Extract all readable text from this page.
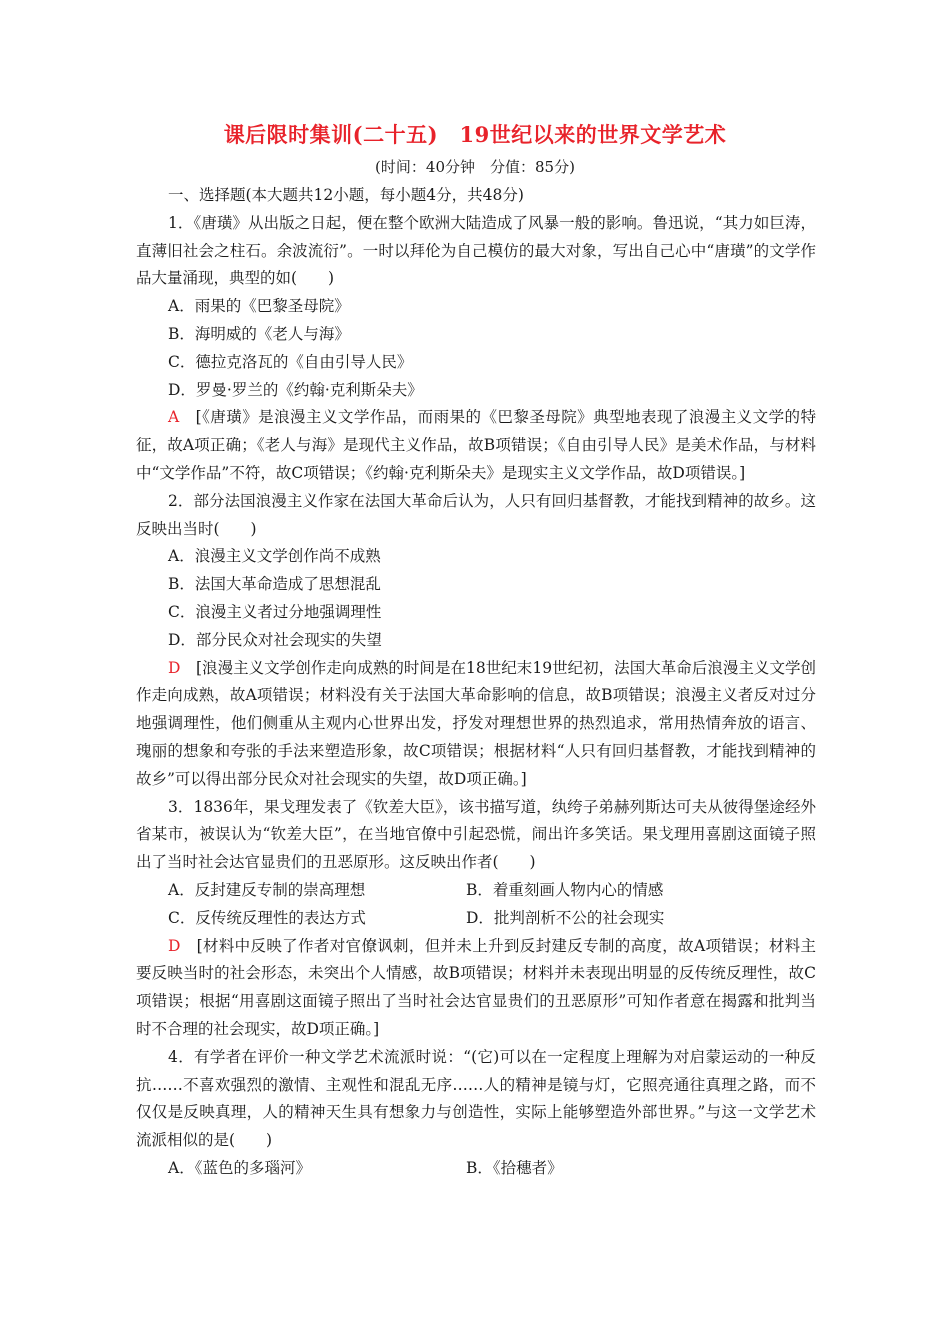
课后限时集训(二十五)　19世纪以来的世界文学艺术
(时间：40分钟　分值：85分)

一、选择题(本大题共12小题，每小题4分，共48分)

1．《唐璜》从出版之日起，便在整个欧洲大陆造成了风暴一般的影响。鲁迅说，“其力如巨涛，直薄旧社会之柱石。余波流衍”。一时以拜伦为自己模仿的最大对象，写出自己心中“唐璜”的文学作品大量涌现，典型的如(　　)

A．雨果的《巴黎圣母院》

B．海明威的《老人与海》

C．德拉克洛瓦的《自由引导人民》

D．罗曼·罗兰的《约翰·克利斯朵夫》

A　[《唐璜》是浪漫主义文学作品，而雨果的《巴黎圣母院》典型地表现了浪漫主义文学的特征，故A项正确；《老人与海》是现代主义作品，故B项错误；《自由引导人民》是美术作品，与材料中“文学作品”不符，故C项错误；《约翰·克利斯朵夫》是现实主义文学作品，故D项错误。]

2．部分法国浪漫主义作家在法国大革命后认为，人只有回归基督教，才能找到精神的故乡。这反映出当时(　　)

A．浪漫主义文学创作尚不成熟

B．法国大革命造成了思想混乱

C．浪漫主义者过分地强调理性

D．部分民众对社会现实的失望

D　[浪漫主义文学创作走向成熟的时间是在18世纪末19世纪初，法国大革命后浪漫主义文学创作走向成熟，故A项错误；材料没有关于法国大革命影响的信息，故B项错误；浪漫主义者反对过分地强调理性，他们侧重从主观内心世界出发，抒发对理想世界的热烈追求，常用热情奔放的语言、瑰丽的想象和夸张的手法来塑造形象，故C项错误；根据材料“人只有回归基督教，才能找到精神的故乡”可以得出部分民众对社会现实的失望，故D项正确。]

3．1836年，果戈理发表了《钦差大臣》，该书描写道，纨绔子弟赫列斯达可夫从彼得堡途经外省某市，被误认为“钦差大臣”，在当地官僚中引起恐慌，闹出许多笑话。果戈理用喜剧这面镜子照出了当时社会达官显贵们的丑恶原形。这反映出作者(　　)

A．反封建反专制的崇高理想	B．着重刻画人物内心的情感
C．反传统反理性的表达方式	D．批判剖析不公的社会现实

D　[材料中反映了作者对官僚讽刺，但并未上升到反封建反专制的高度，故A项错误；材料主要反映当时的社会形态，未突出个人情感，故B项错误；材料并未表现出明显的反传统反理性，故C项错误；根据“用喜剧这面镜子照出了当时社会达官显贵们的丑恶原形”可知作者意在揭露和批判当时不合理的社会现实，故D项正确。]

4．有学者在评价一种文学艺术流派时说：“(它)可以在一定程度上理解为对启蒙运动的一种反抗……不喜欢强烈的激情、主观性和混乱无序……人的精神是镜与灯，它照亮通往真理之路，而不仅仅是反映真理，人的精神天生具有想象力与创造性，实际上能够塑造外部世界。”与这一文学艺术流派相似的是(　　)

A．《蓝色的多瑙河》	B．《拾穗者》
